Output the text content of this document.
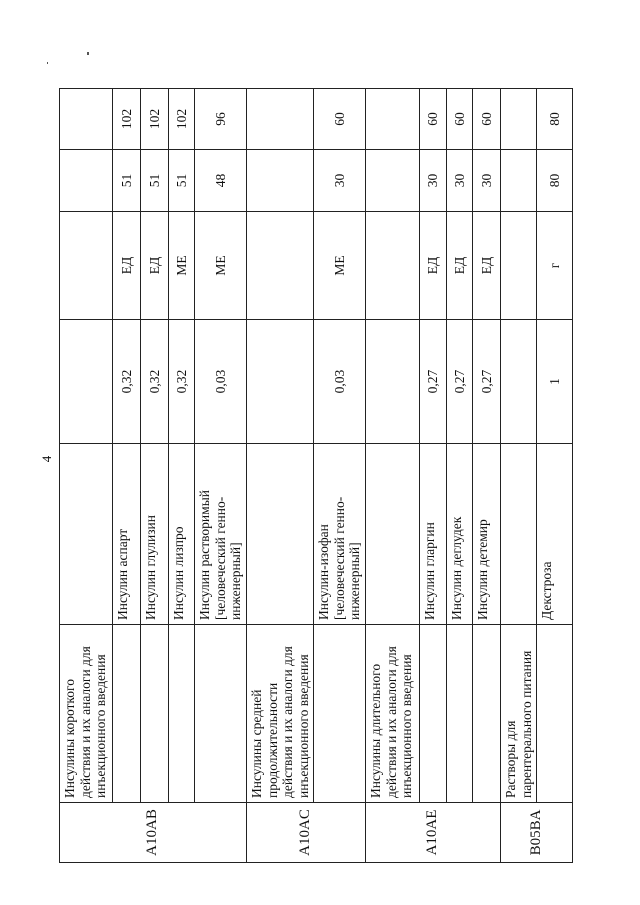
4
A10AB	Инсулины короткого действия и их аналоги для инъекционного введения					
		Инсулин аспарт	0,32	ЕД	51	102
		Инсулин глулизин	0,32	ЕД	51	102
		Инсулин лизпро	0,32	МЕ	51	102
		Инсулин растворимый [человеческий генно-инженерный]	0,03	МЕ	48	96
A10AC	Инсулины средней продолжительности действия и их аналоги для инъекционного введения					
		Инсулин-изофан [человеческий генно-инженерный]	0,03	МЕ	30	60
A10AE	Инсулины длительного действия и их аналоги для инъекционного введения					
		Инсулин гларгин	0,27	ЕД	30	60
		Инсулин деглудек	0,27	ЕД	30	60
		Инсулин детемир	0,27	ЕД	30	60
B05BA	Растворы для парентерального питания					
		Декстроза	1	г	80	80
